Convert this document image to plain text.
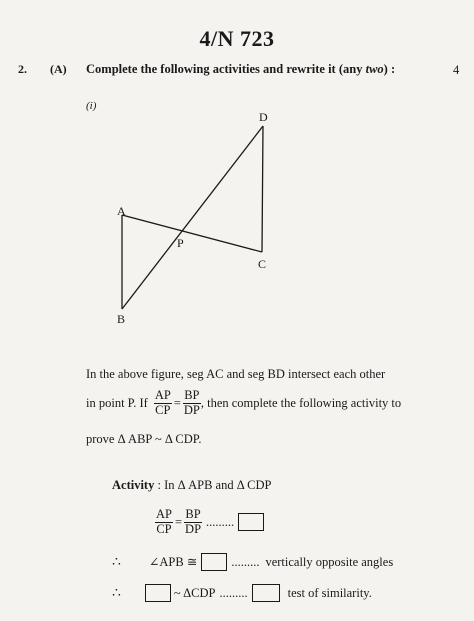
4/N 723
2. (A) Complete the following activities and rewrite it (any two) :	4
(i)
D
A
P
C
B
In the above figure, seg AC and seg BD intersect each other
in point P. If $\frac{AP}{CP} = \frac{BP}{DP}$ , then complete the following activity to
prove Δ ABP ~ Δ CDP.
Activity : In Δ APB and Δ CDP
$\frac{AP}{CP} = \frac{BP}{DP}$ .........
∴ ∠APB ≅	......... vertically opposite angles
∴	~ ΔCDP .........	test of similarity.
